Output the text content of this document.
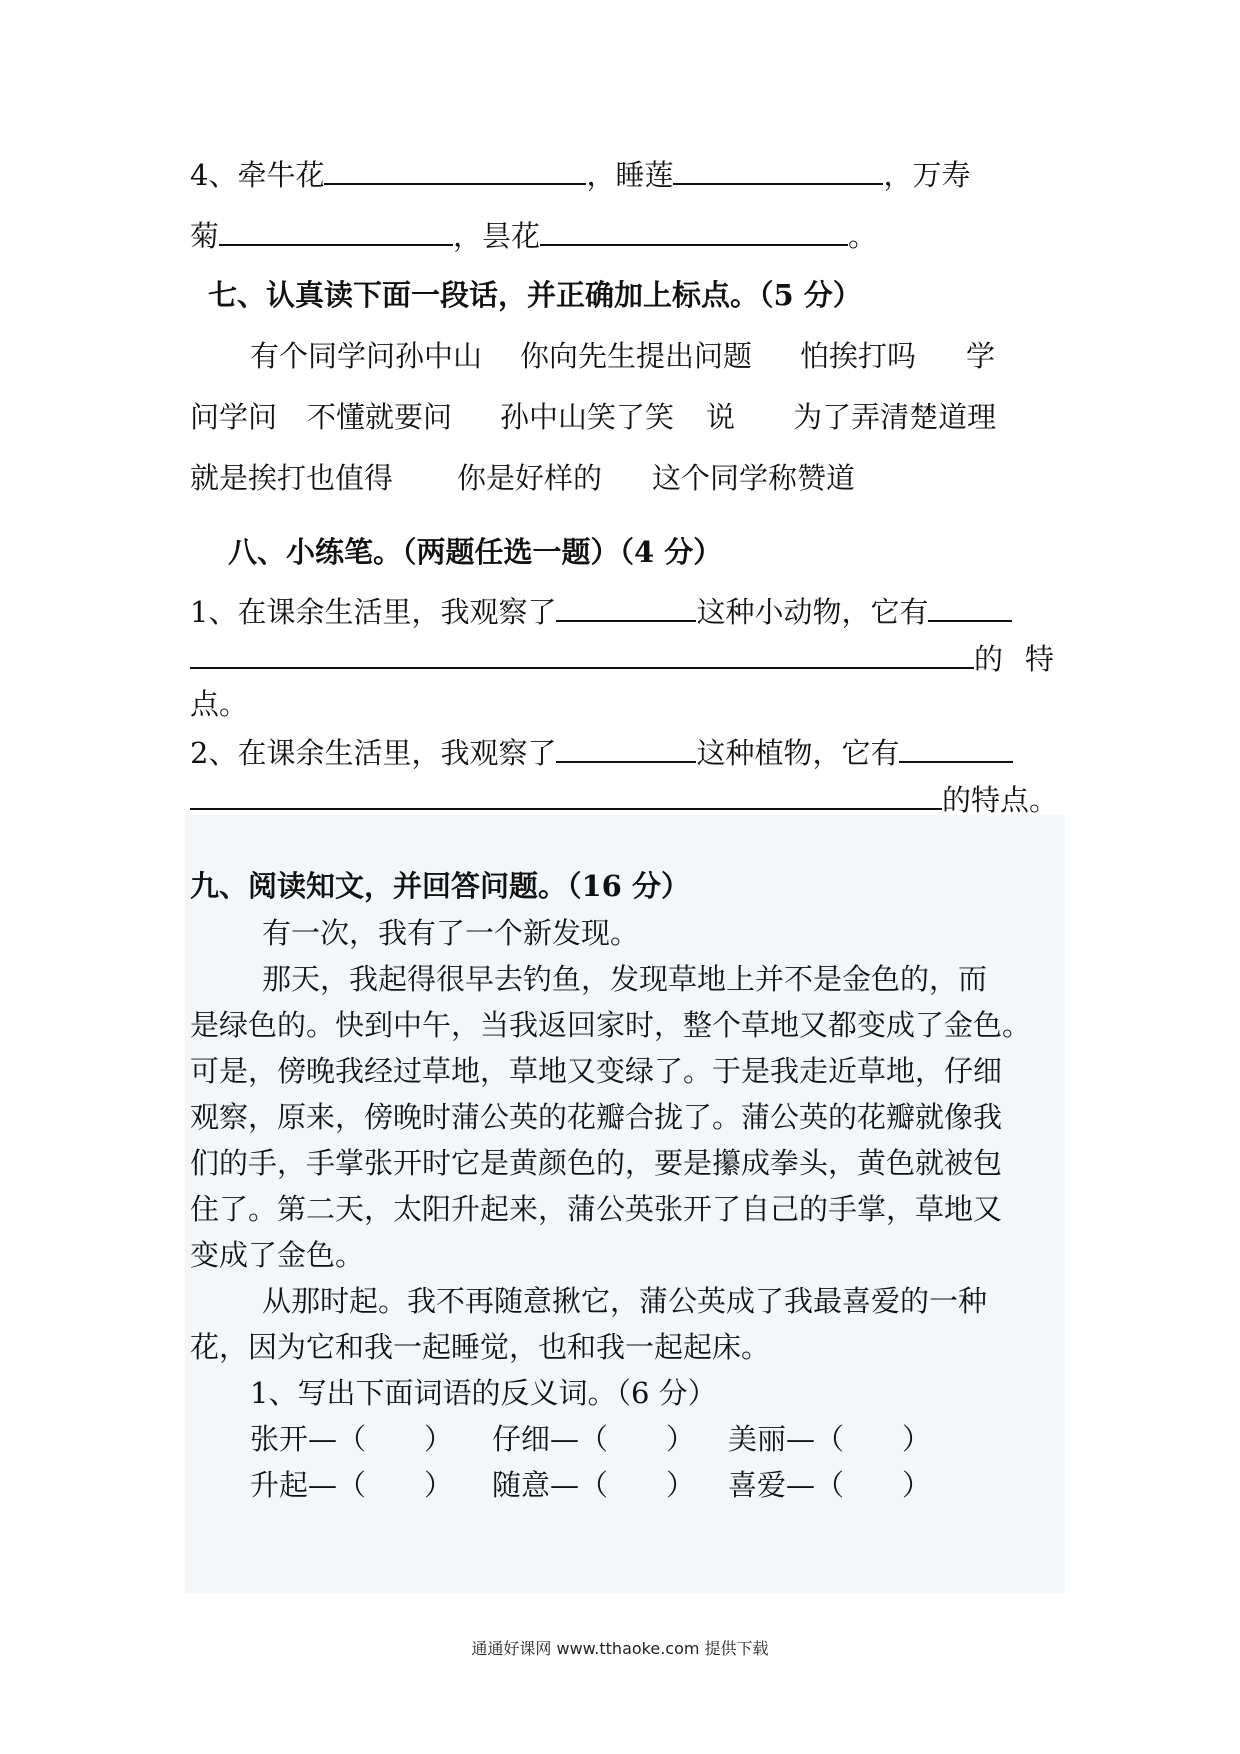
4、牵牛花	，睡莲	，万寿
菊	，昙花	。
七、认真读下面一段话，并正确加上标点。（5 分）
有个同学问孙中山 你向先生提出问题 怕挨打吗 学
问学问 不懂就要问 孙中山笑了笑 说 为了弄清楚道理
就是挨打也值得 你是好样的 这个同学称赞道
八、小练笔。（两题任选一题）（4 分）
1、在课余生活里，我观察了	这种小动物，它有
的 特
点。
2、在课余生活里，我观察了	这种植物，它有
的特点。
九、阅读知文，并回答问题。（16 分）
有一次，我有了一个新发现。
那天，我起得很早去钓鱼，发现草地上并不是金色的，而
是绿色的。快到中午，当我返回家时，整个草地又都变成了金色。
可是，傍晚我经过草地，草地又变绿了。于是我走近草地，仔细
观察，原来，傍晚时蒲公英的花瓣合拢了。蒲公英的花瓣就像我
们的手，手掌张开时它是黄颜色的，要是攥成拳头，黄色就被包
住了。第二天，太阳升起来，蒲公英张开了自己的手掌，草地又
变成了金色。
从那时起。我不再随意揪它，蒲公英成了我最喜爱的一种
花，因为它和我一起睡觉，也和我一起起床。
1、写出下面词语的反义词。（6 分）
张开—（　　） 仔细—（　　） 美丽—（　　）
升起—（　　） 随意—（　　） 喜爱—（　　）
通通好课网 www.tthaoke.com 提供下载
